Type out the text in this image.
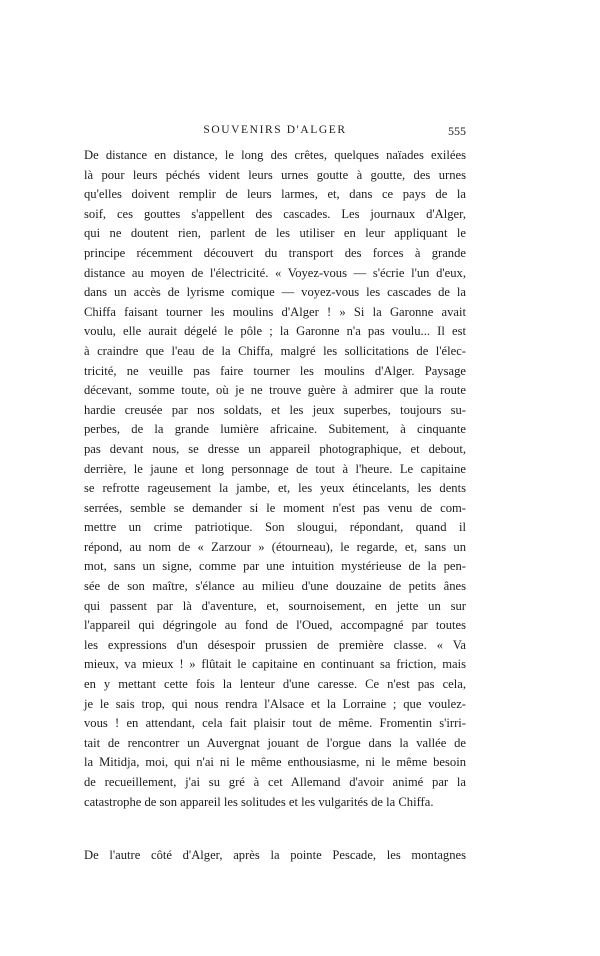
SOUVENIRS D'ALGER	555
De distance en distance, le long des crêtes, quelques naïades exilées
là pour leurs péchés vident leurs urnes goutte à goutte, des urnes
qu'elles doivent remplir de leurs larmes, et, dans ce pays de la
soif, ces gouttes s'appellent des cascades. Les journaux d'Alger,
qui ne doutent rien, parlent de les utiliser en leur appliquant le
principe récemment découvert du transport des forces à grande
distance au moyen de l'électricité. « Voyez-vous — s'écrie l'un d'eux,
dans un accès de lyrisme comique — voyez-vous les cascades de la
Chiffa faisant tourner les moulins d'Alger ! » Si la Garonne avait
voulu, elle aurait dégelé le pôle ; la Garonne n'a pas voulu... Il est
à craindre que l'eau de la Chiffa, malgré les sollicitations de l'élec-
tricité, ne veuille pas faire tourner les moulins d'Alger. Paysage
décevant, somme toute, où je ne trouve guère à admirer que la route
hardie creusée par nos soldats, et les jeux superbes, toujours su-
perbes, de la grande lumière africaine. Subitement, à cinquante
pas devant nous, se dresse un appareil photographique, et debout,
derrière, le jaune et long personnage de tout à l'heure. Le capitaine
se refrotte rageusement la jambe, et, les yeux étincelants, les dents
serrées, semble se demander si le moment n'est pas venu de com-
mettre un crime patriotique. Son slougui, répondant, quand il
répond, au nom de « Zarzour » (étourneau), le regarde, et, sans un
mot, sans un signe, comme par une intuition mystérieuse de la pen-
sée de son maître, s'élance au milieu d'une douzaine de petits ânes
qui passent par là d'aventure, et, sournoisement, en jette un sur
l'appareil qui dégringole au fond de l'Oued, accompagné par toutes
les expressions d'un désespoir prussien de première classe. « Va
mieux, va mieux ! » flûtait le capitaine en continuant sa friction, mais
en y mettant cette fois la lenteur d'une caresse. Ce n'est pas cela,
je le sais trop, qui nous rendra l'Alsace et la Lorraine ; que voulez-
vous ! en attendant, cela fait plaisir tout de même. Fromentin s'irri-
tait de rencontrer un Auvergnat jouant de l'orgue dans la vallée de
la Mitidja, moi, qui n'ai ni le même enthousiasme, ni le même besoin
de recueillement, j'ai su gré à cet Allemand d'avoir animé par la
catastrophe de son appareil les solitudes et les vulgarités de la Chiffa.
De l'autre côté d'Alger, après la pointe Pescade, les montagnes
